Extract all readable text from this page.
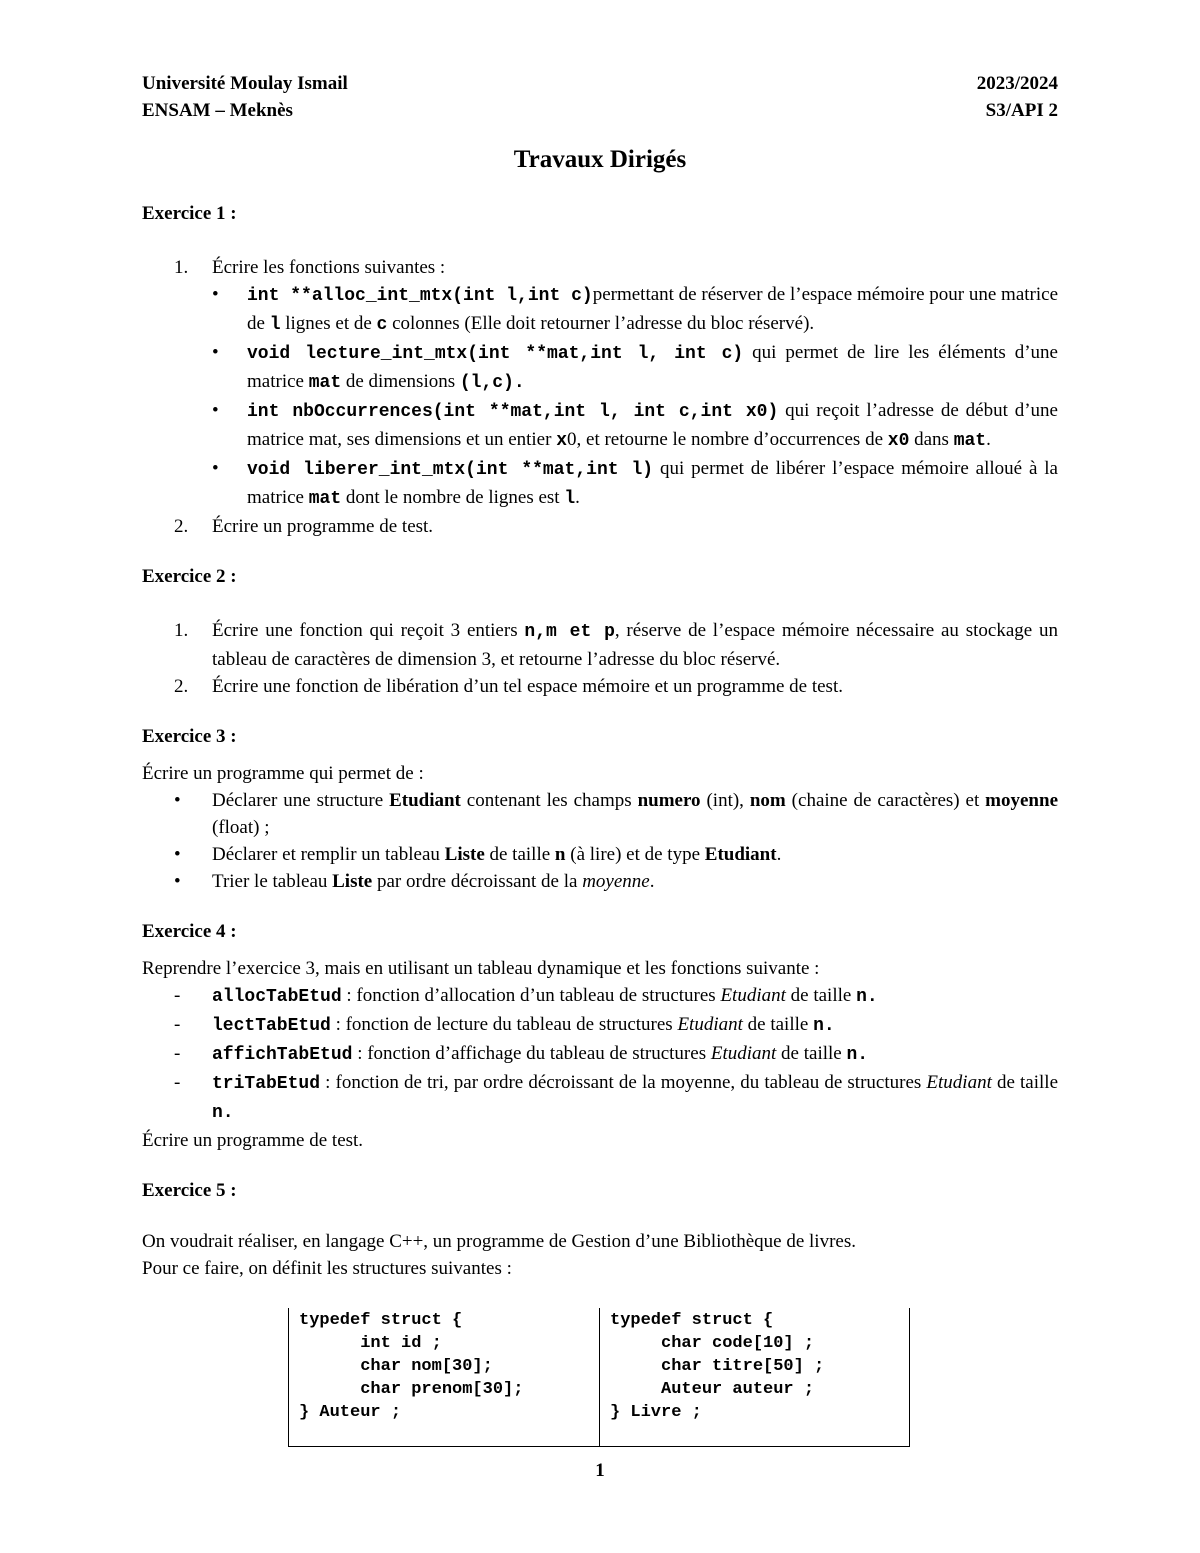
Université Moulay Ismail	2023/2024
ENSAM – Meknès	S3/API 2
Travaux Dirigés

Exercice 1 :

1. Écrire les fonctions suivantes :
• int **alloc_int_mtx(int l,int c)permettant de réserver de l’espace mémoire pour une matrice de l lignes et de c colonnes (Elle doit retourner l’adresse du bloc réservé).
• void lecture_int_mtx(int **mat,int l, int c) qui permet de lire les éléments d’une matrice mat de dimensions (l,c).
• int nbOccurrences(int **mat,int l, int c,int x0) qui reçoit l’adresse de début d’une matrice mat, ses dimensions et un entier x0, et retourne le nombre d’occurrences de x0 dans mat.
• void liberer_int_mtx(int **mat,int l) qui permet de libérer l’espace mémoire alloué à la matrice mat dont le nombre de lignes est l.
2. Écrire un programme de test.

Exercice 2 :

1. Écrire une fonction qui reçoit 3 entiers n,m et p, réserve de l’espace mémoire nécessaire au stockage un tableau de caractères de dimension 3, et retourne l’adresse du bloc réservé.
2. Écrire une fonction de libération d’un tel espace mémoire et un programme de test.

Exercice 3 :

Écrire un programme qui permet de :

• Déclarer une structure Etudiant contenant les champs numero (int), nom (chaine de caractères) et moyenne (float) ;
• Déclarer et remplir un tableau Liste de taille n (à lire) et de type Etudiant.
• Trier le tableau Liste par ordre décroissant de la moyenne.

Exercice 4 :

Reprendre l’exercice 3, mais en utilisant un tableau dynamique et les fonctions suivante :

- allocTabEtud : fonction d’allocation d’un tableau de structures Etudiant de taille n.
- lectTabEtud : fonction de lecture du tableau de structures Etudiant de taille n.
- affichTabEtud : fonction d’affichage du tableau de structures Etudiant de taille n.
- triTabEtud : fonction de tri, par ordre décroissant de la moyenne, du tableau de structures Etudiant de taille n.

Écrire un programme de test.

Exercice 5 :

On voudrait réaliser, en langage C++, un programme de Gestion d’une Bibliothèque de livres.

Pour ce faire, on définit les structures suivantes :

typedef struct {
int id ;
char nom[30];
char prenom[30];
} Auteur ;
typedef struct {
char code[10] ;
char titre[50] ;
Auteur auteur ;
} Livre ;
1
